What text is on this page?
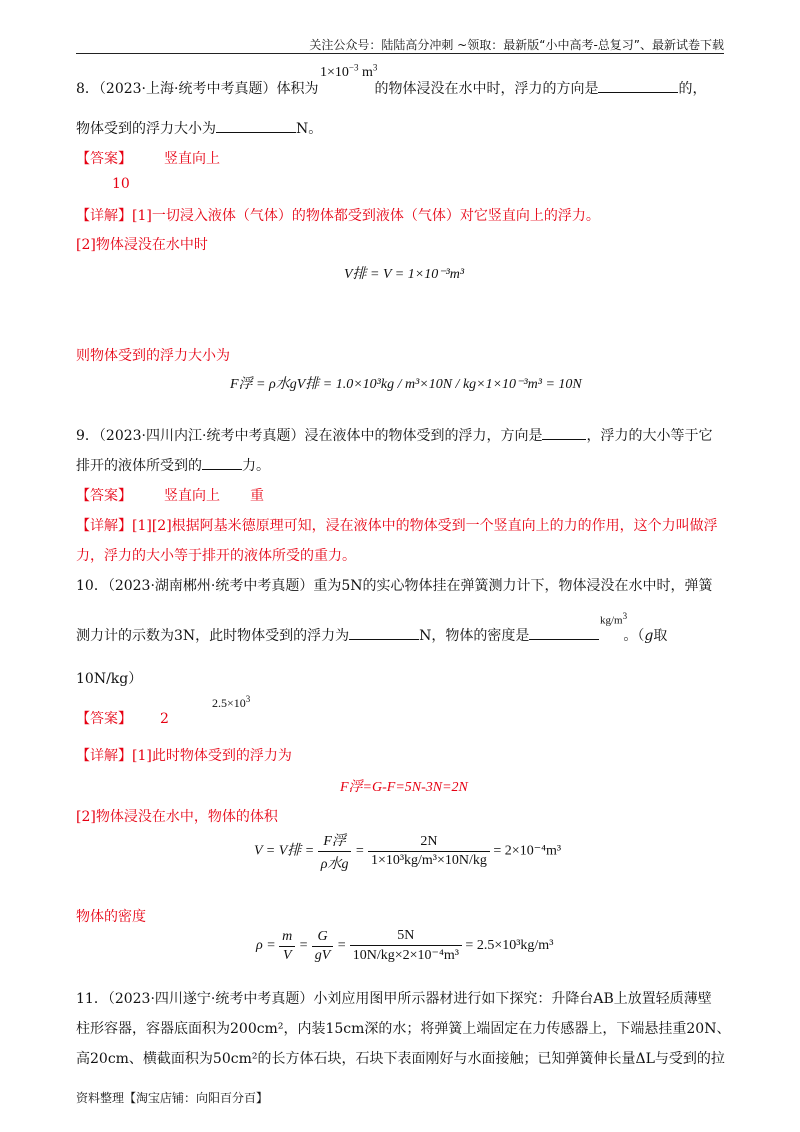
关注公众号：陆陆高分冲刺 ~领取：最新版“小中高考-总复习”、最新试卷下载
$1\times 10^{-3}$ $m^3$
8．（2023·上海·统考中考真题）体积为	的物体浸没在水中时，浮力的方向是	的，
物体受到的浮力大小为	N。
【答案】 竖直向上
10
【详解】[1]一切浸入液体（气体）的物体都受到液体（气体）对它竖直向上的浮力。
[2]物体浸没在水中时
V排 = V = 1×10⁻³m³
则物体受到的浮力大小为
F浮 = ρ水gV排 = 1.0×10³kg / m³×10N / kg×1×10⁻³m³ = 10N
9．（2023·四川内江·统考中考真题）浸在液体中的物体受到的浮力，方向是	，浮力的大小等于它
排开的液体所受到的	力。
【答案】 竖直向上 重
【详解】[1][2]根据阿基米德原理可知，浸在液体中的物体受到一个竖直向上的力的作用，这个力叫做浮
力，浮力的大小等于排开的液体所受的重力。
10．（2023·湖南郴州·统考中考真题）重为5N的实心物体挂在弹簧测力计下，物体浸没在水中时，弹簧
$kg/m^3$
测力计的示数为3N，此时物体受到的浮力为	N，物体的密度是	。（g取
10N/kg）
$2.5\times 10^3$
【答案】 2
【详解】[1]此时物体受到的浮力为
F浮=G-F=5N-3N=2N
[2]物体浸没在水中，物体的体积
V = V排 = $\frac{\text{F浮}}{\text{ρ水g}} = \frac{2N}{\text{1×10³kg/m³×10N/kg}} = 2\times 10^{-4}m^3$
物体的密度
$\rho = \frac{m}{V} = \frac{G}{gV} = \frac{5N}{\text{10N/kg×2×10⁻⁴m³}} = 2.5\times 10^3kg/m^3$
11．（2023·四川遂宁·统考中考真题）小刘应用图甲所示器材进行如下探究：升降台AB上放置轻质薄壁
柱形容器，容器底面积为200cm²，内装15cm深的水；将弹簧上端固定在力传感器上，下端悬挂重20N、
高20cm、横截面积为50cm²的长方体石块，石块下表面刚好与水面接触；已知弹簧伸长量ΔL与受到的拉
资料整理【淘宝店铺：向阳百分百】
